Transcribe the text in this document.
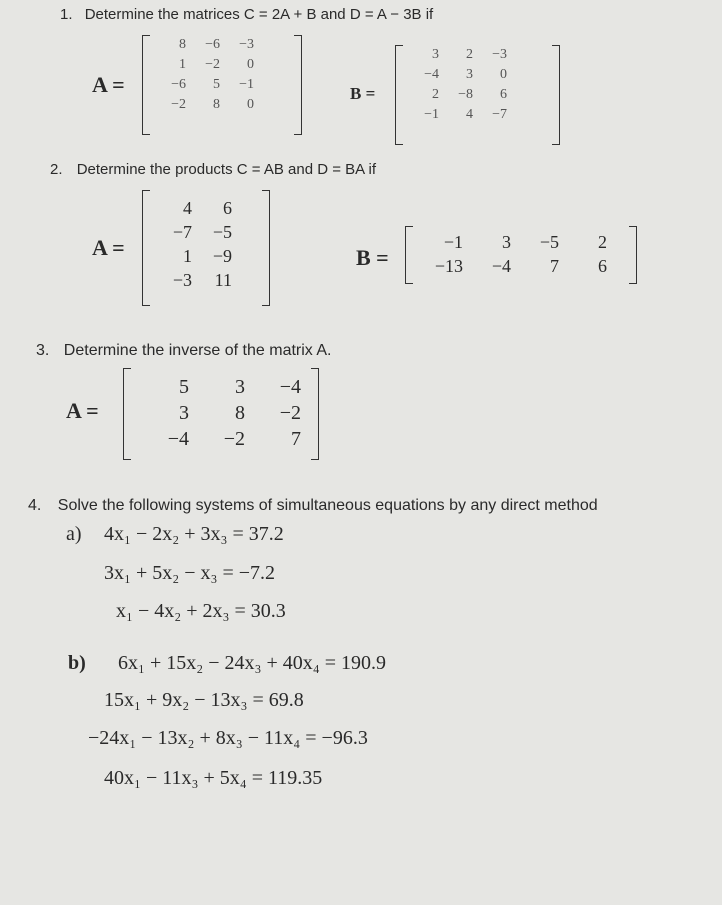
1. Determine the matrices C = 2A + B and D = A − 3B if
A =
8	−6	−3
1	−2	0
−6	5	−1
−2	8	0
B =
3	2	−3
−4	3	0
2	−8	6
−1	4	−7
2. Determine the products C = AB and D = BA if
A =
4	6
−7	−5
1	−9
−3	11
B =
−1	3	−5	2
−13	−4	7	6
3. Determine the inverse of the matrix A.
A =
5	3	−4
3	8	−2
−4	−2	7
4. Solve the following systems of simultaneous equations by any direct method
a) 4x₁ − 2x₂ + 3x₃ = 37.2
3x₁ + 5x₂ − x₃ = −7.2
x₁ − 4x₂ + 2x₃ = 30.3
b) 6x₁ + 15x₂ − 24x₃ + 40x₄ = 190.9
15x₁ + 9x₂ − 13x₃ = 69.8
−24x₁ − 13x₂ + 8x₃ − 11x₄ = −96.3
40x₁ − 11x₃ + 5x₄ = 119.35
